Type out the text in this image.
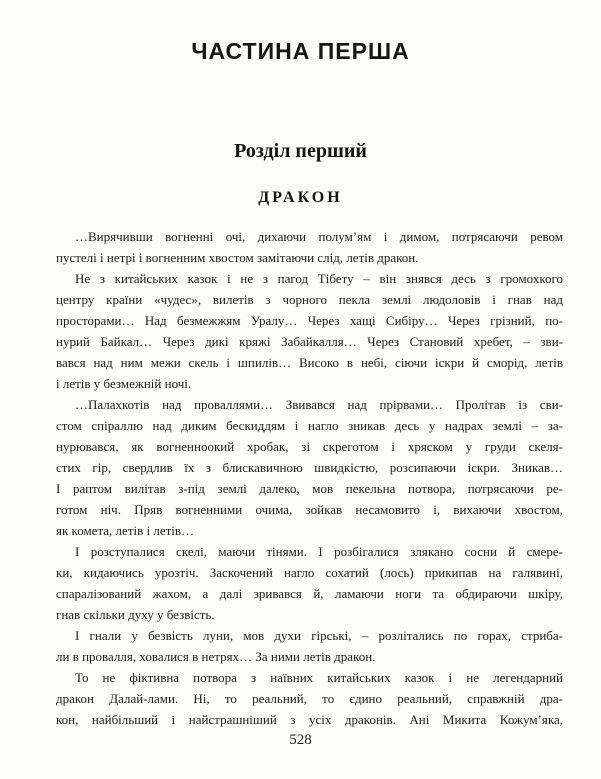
ЧАСТИНА ПЕРША
Розділ перший
ДРАКОН
…Вирячивши вогненні очі, дихаючи полум’ям і димом, потрясаючи ревом
пустелі і нетрі і вогненним хвостом замітаючи слід, летів дракон.
Не з китайських казок і не з пагод Тібету – він знявся десь з громохкого
центру країни «чудес», вилетів з чорного пекла землі людоловів і гнав над
просторами… Над безмежжям Уралу… Через хащі Сибіру… Через грізний, по-
нурий Байкал… Через дикі кряжі Забайкалля… Через Становий хребет, – зви-
вався над ним межи скель і шпилів… Високо в небі, сіючи іскри й сморід, летів
і летів у безмежній ночі.
…Палахкотів над проваллями… Звивався над прірвами… Пролітав із сви-
стом спіраллю над диким бескиддям і нагло зникав десь у надрах землі – за-
нурювався, як вогненноокий хробак, зі скреготом і хряском у груди скеля-
стих гір, свердлив їх з блискавичною швидкістю, розсипаючи іскри. Зникав…
І раптом вилітав з-під землі далеко, мов пекельна потвора, потрясаючи ре-
готом ніч. Пряв вогненними очима, зойкав несамовито і, вихаючи хвостом,
як комета, летів і летів…
І розступалися скелі, маючи тінями. І розбігалися злякано сосни й смере-
ки, кидаючись урозтіч. Заскочений нагло сохатий (лось) прикипав на галявині,
спаралізований жахом, а далі зривався й, ламаючи ноги та обдираючи шкіру,
гнав скільки духу у безвість.
І гнали у безвість луни, мов духи гірські, – розлітались по горах, стриба-
ли в провалля, ховалися в нетрях… За ними летів дракон.
То не фіктивна потвора з наївних китайських казок і не легендарний
дракон Далай-лами. Ні, то реальний, то єдино реальний, справжній дра-
кон, найбільший і найстрашніший з усіх драконів. Ані Микита Кожум’яка,
528
